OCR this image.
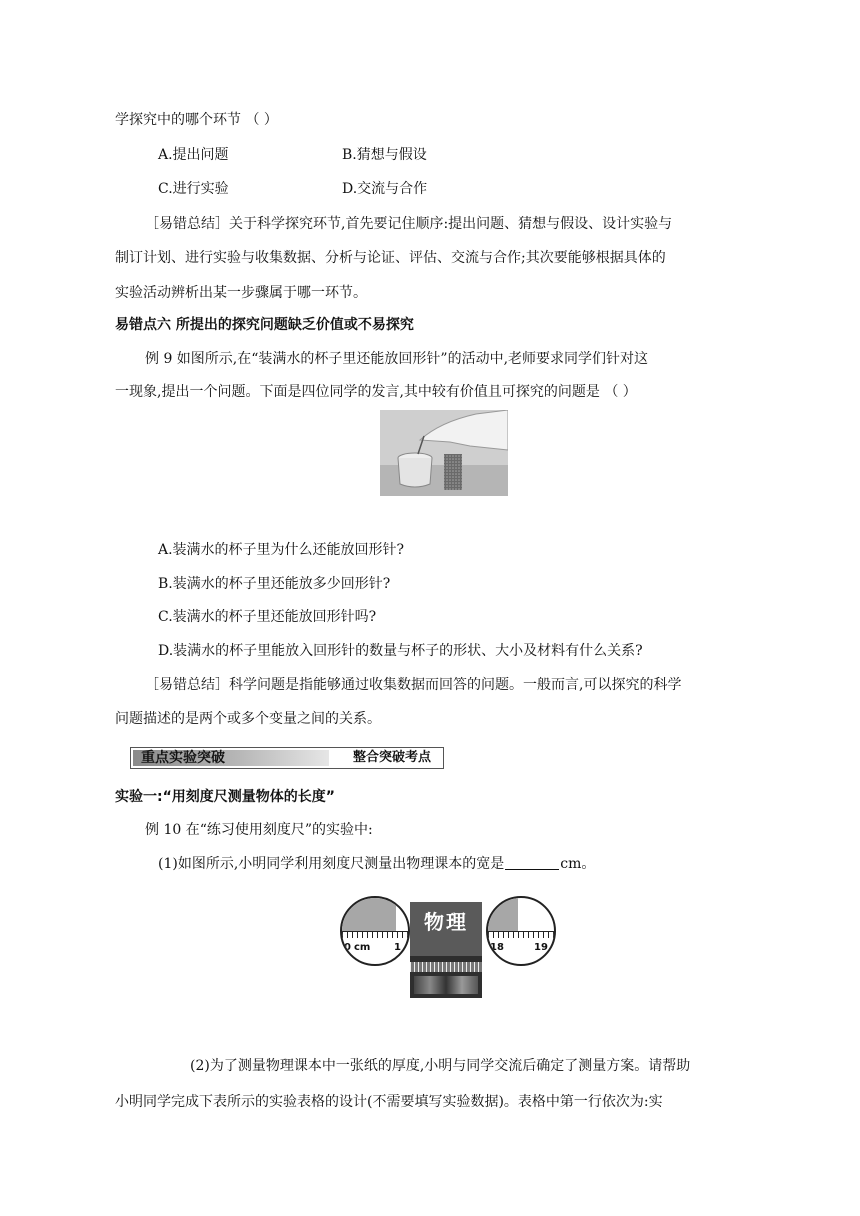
学探究中的哪个环节 （ ）
A.提出问题	B.猜想与假设
C.进行实验	D.交流与合作
［易错总结］关于科学探究环节,首先要记住顺序:提出问题、猜想与假设、设计实验与
制订计划、进行实验与收集数据、分析与论证、评估、交流与合作;其次要能够根据具体的
实验活动辨析出某一步骤属于哪一环节。
易错点六 所提出的探究问题缺乏价值或不易探究
例 9 如图所示,在“装满水的杯子里还能放回形针”的活动中,老师要求同学们针对这
一现象,提出一个问题。下面是四位同学的发言,其中较有价值且可探究的问题是 （ ）
A.装满水的杯子里为什么还能放回形针?
B.装满水的杯子里还能放多少回形针?
C.装满水的杯子里还能放回形针吗?
D.装满水的杯子里能放入回形针的数量与杯子的形状、大小及材料有什么关系?
［易错总结］科学问题是指能够通过收集数据而回答的问题。一般而言,可以探究的科学
问题描述的是两个或多个变量之间的关系。
重点实验突破	整合突破考点
实验一:“用刻度尺测量物体的长度”
例 10 在“练习使用刻度尺”的实验中:
(1)如图所示,小明同学利用刻度尺测量出物理课本的宽是	cm。
物理
0 cm 1	18	19
(2)为了测量物理课本中一张纸的厚度,小明与同学交流后确定了测量方案。请帮助
小明同学完成下表所示的实验表格的设计(不需要填写实验数据)。表格中第一行依次为:实
